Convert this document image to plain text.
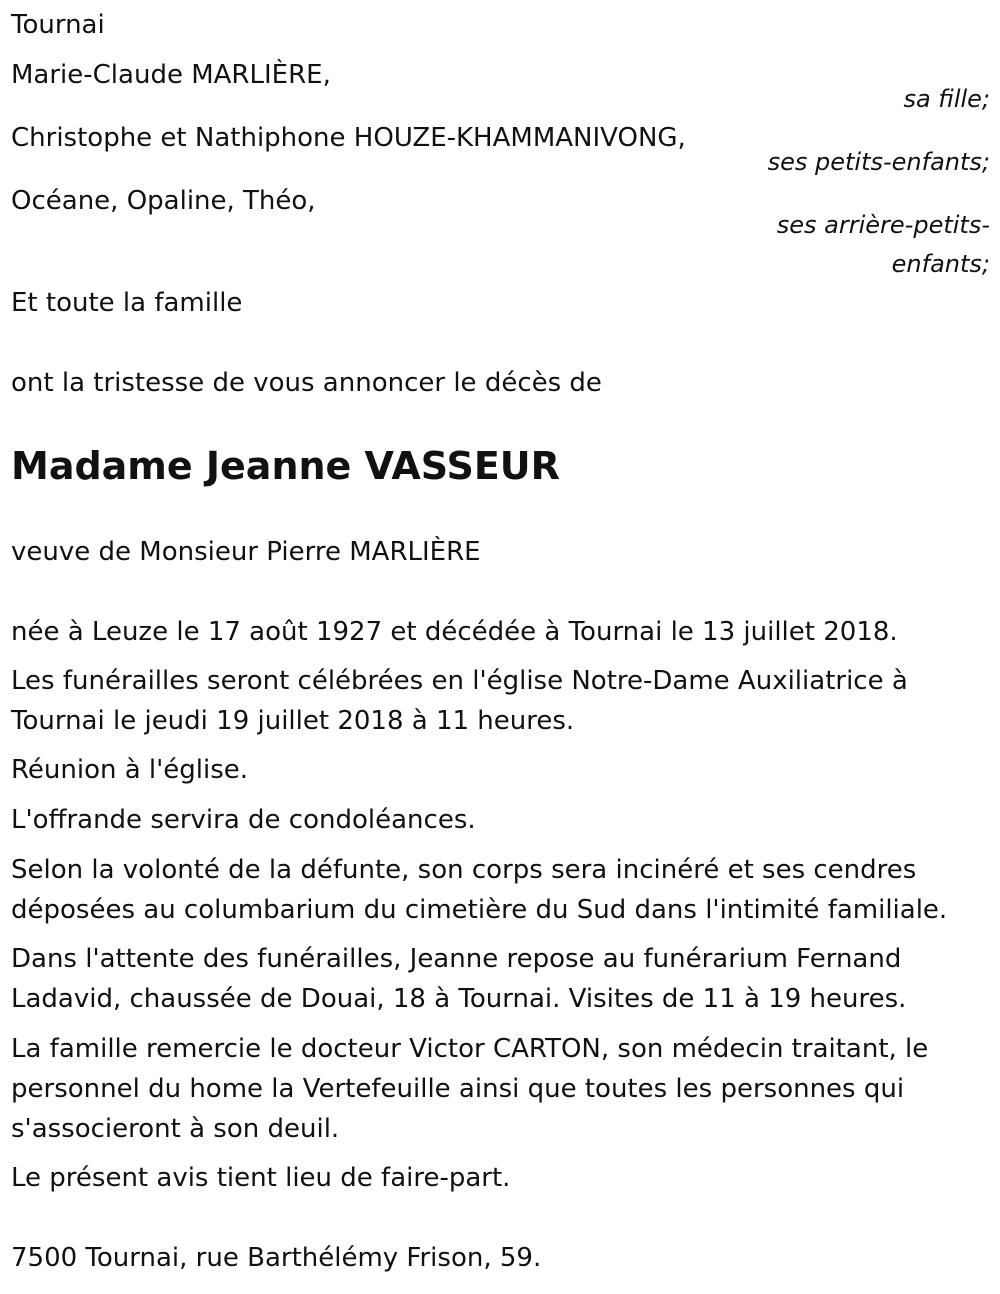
Tournai
Marie-Claude MARLIÈRE,
sa fille;
Christophe et Nathiphone HOUZE-KHAMMANIVONG,
ses petits-enfants;
Océane, Opaline, Théo,
ses arrière-petits-
enfants;
Et toute la famille
ont la tristesse de vous annoncer le décès de
Madame Jeanne VASSEUR
veuve de Monsieur Pierre MARLIÈRE
née à Leuze le 17 août 1927 et décédée à Tournai le 13 juillet 2018.
Les funérailles seront célébrées en l'église Notre-Dame Auxiliatrice à
Tournai le jeudi 19 juillet 2018 à 11 heures.
Réunion à l'église.
L'offrande servira de condoléances.
Selon la volonté de la défunte, son corps sera incinéré et ses cendres
déposées au columbarium du cimetière du Sud dans l'intimité familiale.
Dans l'attente des funérailles, Jeanne repose au funérarium Fernand
Ladavid, chaussée de Douai, 18 à Tournai. Visites de 11 à 19 heures.
La famille remercie le docteur Victor CARTON, son médecin traitant, le
personnel du home la Vertefeuille ainsi que toutes les personnes qui
s'associeront à son deuil.
Le présent avis tient lieu de faire-part.
7500 Tournai, rue Barthélémy Frison, 59.
